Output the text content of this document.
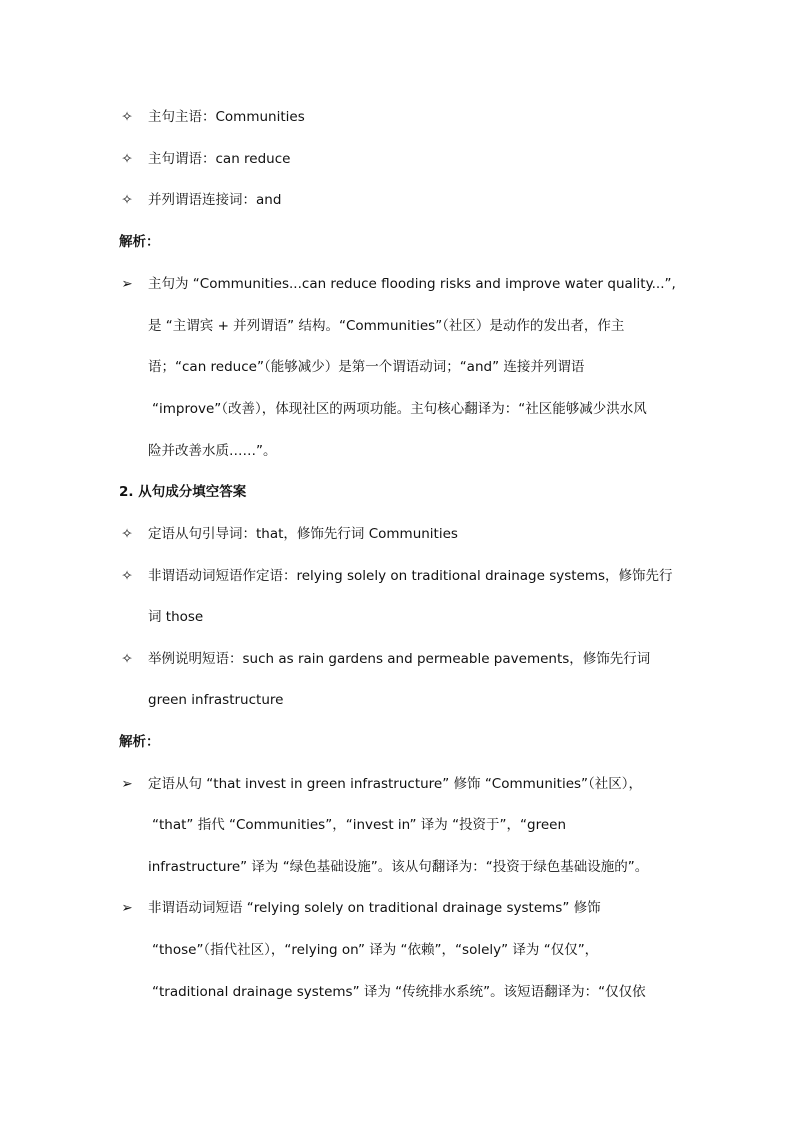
✧ 主句主语：Communities
✧ 主句谓语：can reduce
✧ 并列谓语连接词：and
解析：
➢ 主句为 “Communities...can reduce flooding risks and improve water quality...”,
是 “主谓宾 + 并列谓语” 结构。“Communities”（社区）是动作的发出者，作主
语；“can reduce”（能够减少）是第一个谓语动词；“and” 连接并列谓语
“improve”（改善），体现社区的两项功能。主句核心翻译为：“社区能够减少洪水风
险并改善水质……”。
2. 从句成分填空答案
✧ 定语从句引导词：that，修饰先行词 Communities
✧ 非谓语动词短语作定语：relying solely on traditional drainage systems，修饰先行
词 those
✧ 举例说明短语：such as rain gardens and permeable pavements，修饰先行词
green infrastructure
解析：
➢ 定语从句 “that invest in green infrastructure” 修饰 “Communities”（社区），
“that” 指代 “Communities”，“invest in” 译为 “投资于”，“green
infrastructure” 译为 “绿色基础设施”。该从句翻译为：“投资于绿色基础设施的”。
➢ 非谓语动词短语 “relying solely on traditional drainage systems” 修饰
“those”（指代社区），“relying on” 译为 “依赖”，“solely” 译为 “仅仅”，
“traditional drainage systems” 译为 “传统排水系统”。该短语翻译为：“仅仅依
